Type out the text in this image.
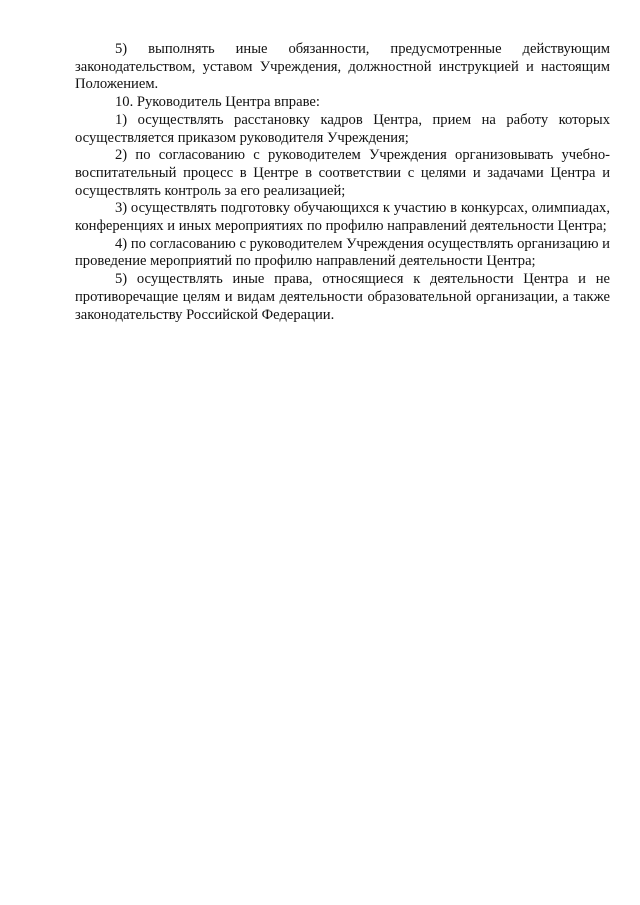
5) выполнять иные обязанности, предусмотренные действующим законодательством, уставом Учреждения, должностной инструкцией и настоящим Положением.

10. Руководитель Центра вправе:

1) осуществлять расстановку кадров Центра, прием на работу которых осуществляется приказом руководителя Учреждения;

2) по согласованию с руководителем Учреждения организовывать учебно-воспитательный процесс в Центре в соответствии с целями и задачами Центра и осуществлять контроль за его реализацией;

3) осуществлять подготовку обучающихся к участию в конкурсах, олимпиадах, конференциях и иных мероприятиях по профилю направлений деятельности Центра;

4) по согласованию с руководителем Учреждения осуществлять организацию и проведение мероприятий по профилю направлений деятельности Центра;

5) осуществлять иные права, относящиеся к деятельности Центра и не противоречащие целям и видам деятельности образовательной организации, а также законодательству Российской Федерации.
